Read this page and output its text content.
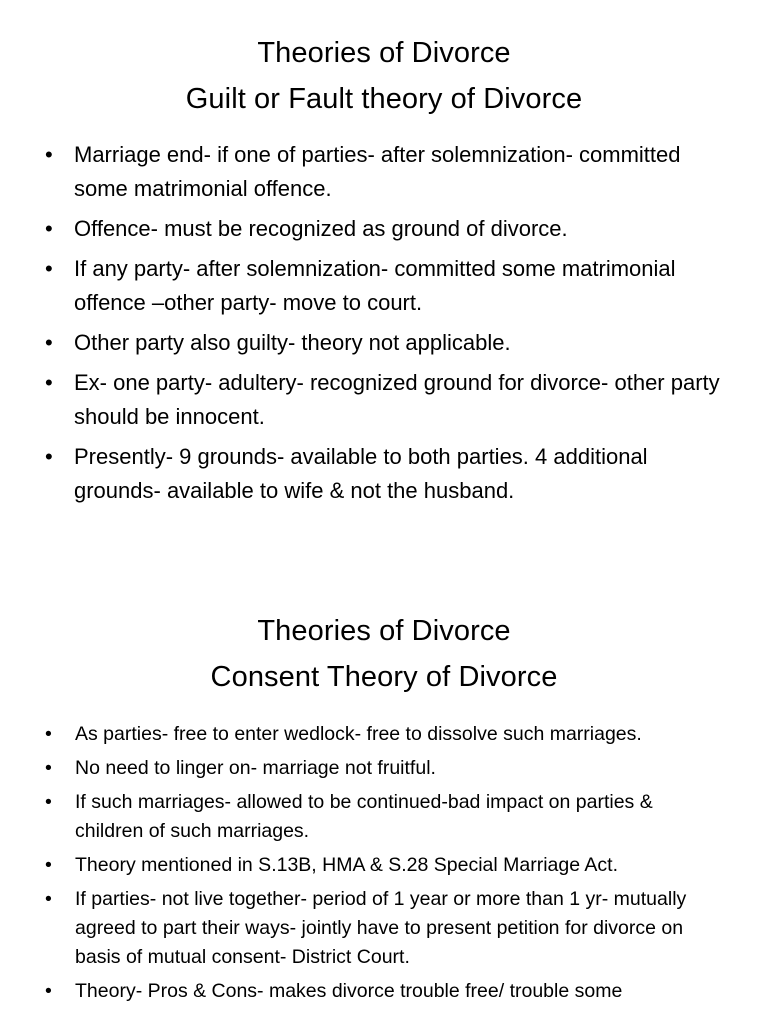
Theories of Divorce
Guilt or Fault theory of Divorce
• Marriage end- if one of parties- after solemnization- committed some matrimonial offence.
• Offence- must be recognized as ground of divorce.
• If any party- after solemnization- committed some matrimonial offence –other party- move to court.
• Other party also guilty- theory not applicable.
• Ex- one party- adultery- recognized ground for divorce- other party should be innocent.
• Presently- 9 grounds- available to both parties. 4 additional grounds- available to wife & not the husband.
Theories of Divorce
Consent Theory of Divorce
• As parties- free to enter wedlock- free to dissolve such marriages.
• No need to linger on- marriage not fruitful.
• If such marriages- allowed to be continued-bad impact on parties & children of such marriages.
• Theory mentioned in S.13B, HMA & S.28 Special Marriage Act.
• If parties- not live together- period of 1 year or more than 1 yr- mutually agreed to part their ways- jointly have to present petition for divorce on basis of mutual consent- District Court.
• Theory- Pros & Cons- makes divorce trouble free/ trouble some
